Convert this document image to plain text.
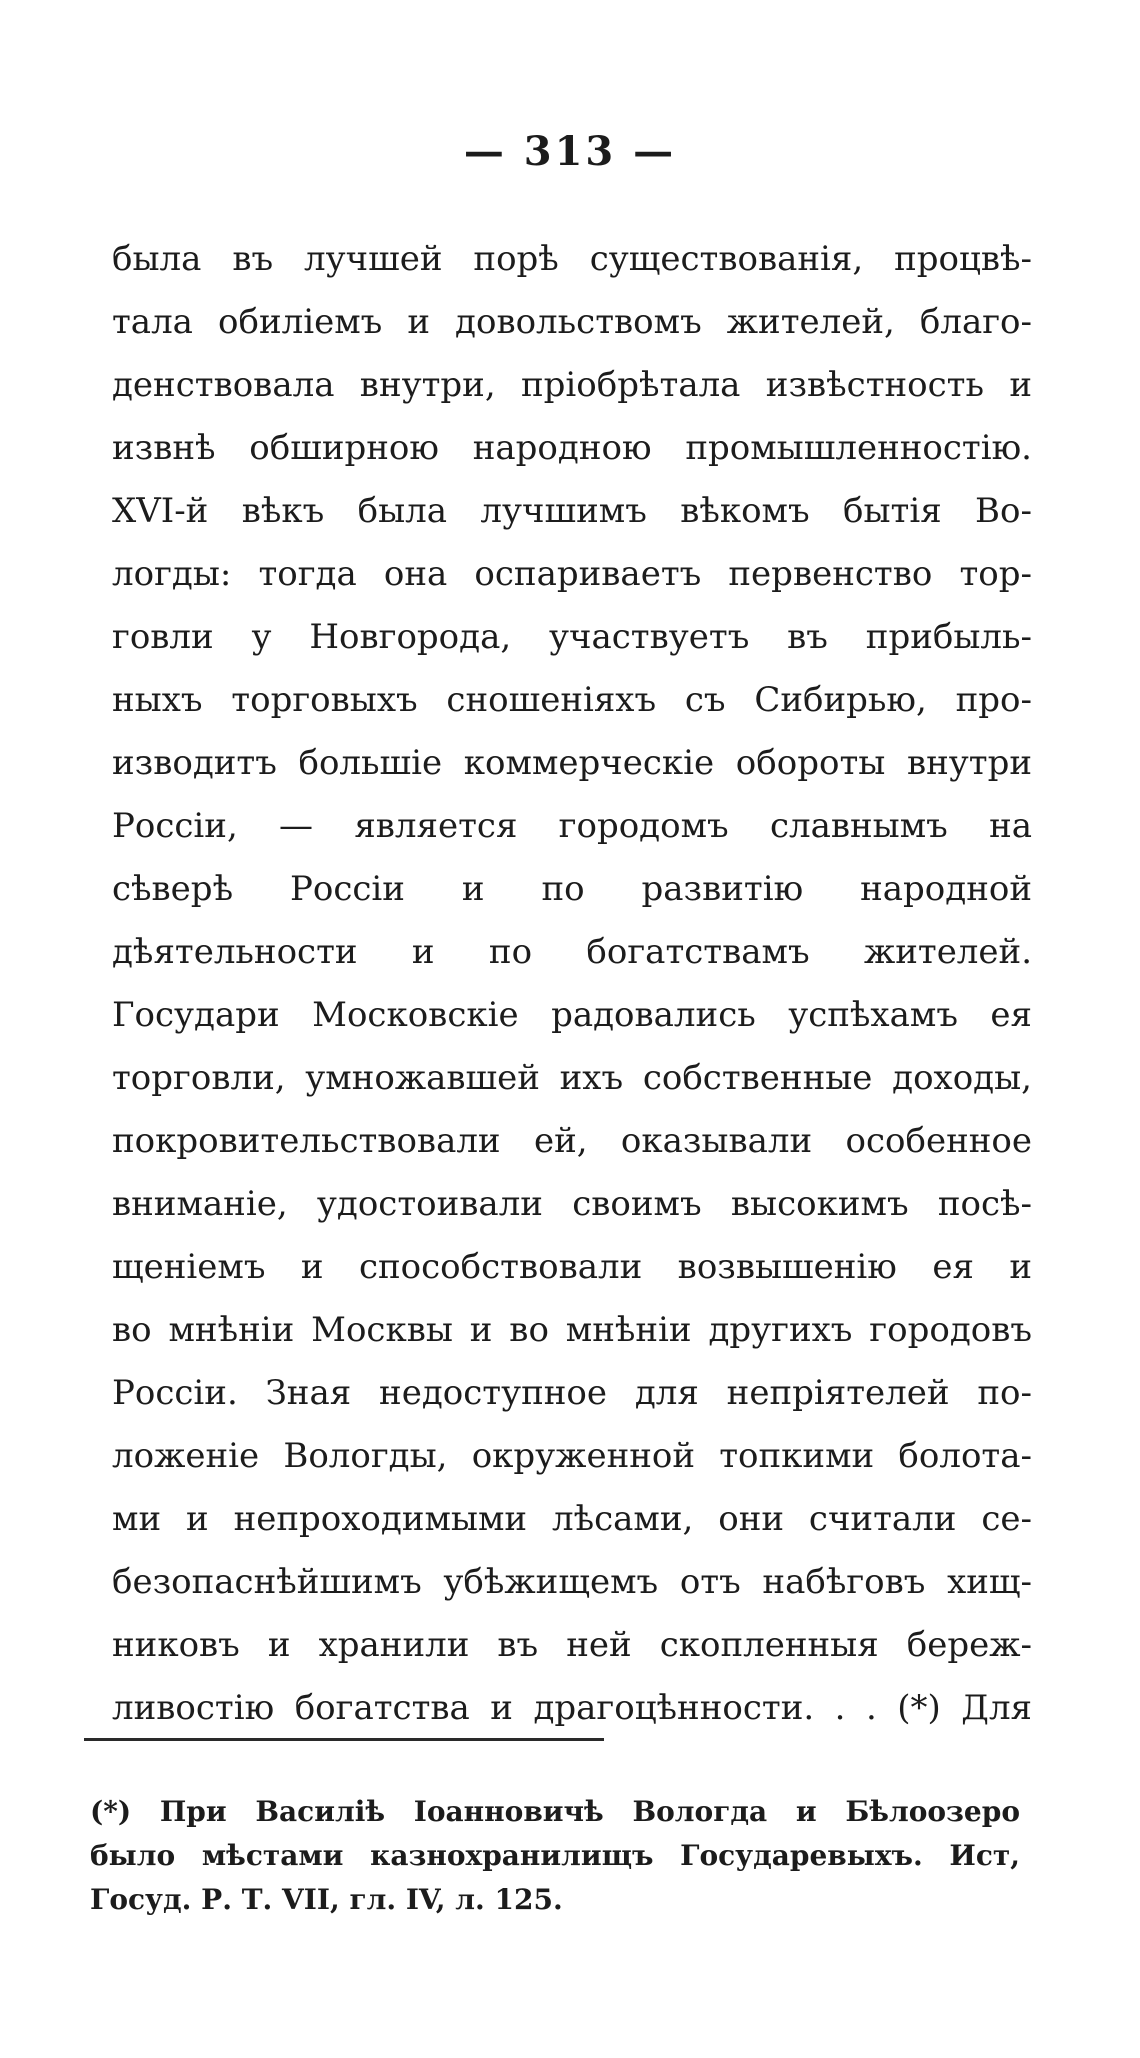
— 313 —
была въ лучшей порѣ существованія, процвѣ-
тала обиліемъ и довольствомъ жителей, благо-
денствовала внутри, пріобрѣтала извѣстность и
извнѣ обширною народною промышленностію.
XVI-й вѣкъ была лучшимъ вѣкомъ бытія Во-
логды: тогда она оспариваетъ первенство тор-
говли у Новгорода, участвуетъ въ прибыль-
ныхъ торговыхъ сношеніяхъ съ Сибирью, про-
изводитъ большіе коммерческіе обороты внутри
Россіи, — является городомъ славнымъ на
сѣверѣ Россіи и по развитію народной
дѣятельности и по богатствамъ жителей.
Государи Московскіе радовались успѣхамъ ея
торговли, умножавшей ихъ собственные доходы,
покровительствовали ей, оказывали особенное
вниманіе, удостоивали своимъ высокимъ посѣ-
щеніемъ и способствовали возвышенію ея и
во мнѣніи Москвы и во мнѣніи другихъ городовъ
Россіи. Зная недоступное для непріятелей по-
ложеніе Вологды, окруженной топкими болота-
ми и непроходимыми лѣсами, они считали се-
безопаснѣйшимъ убѣжищемъ отъ набѣговъ хищ-
никовъ и хранили въ ней скопленныя береж-
ливостію богатства и драгоцѣнности. . . (*) Для
(*) При Василіѣ Іоанновичѣ Вологда и Бѣлоозеро
было мѣстами казнохранилищъ Государевыхъ. Ист,
Госуд. Р. Т. VII, гл. IV, л. 125.
